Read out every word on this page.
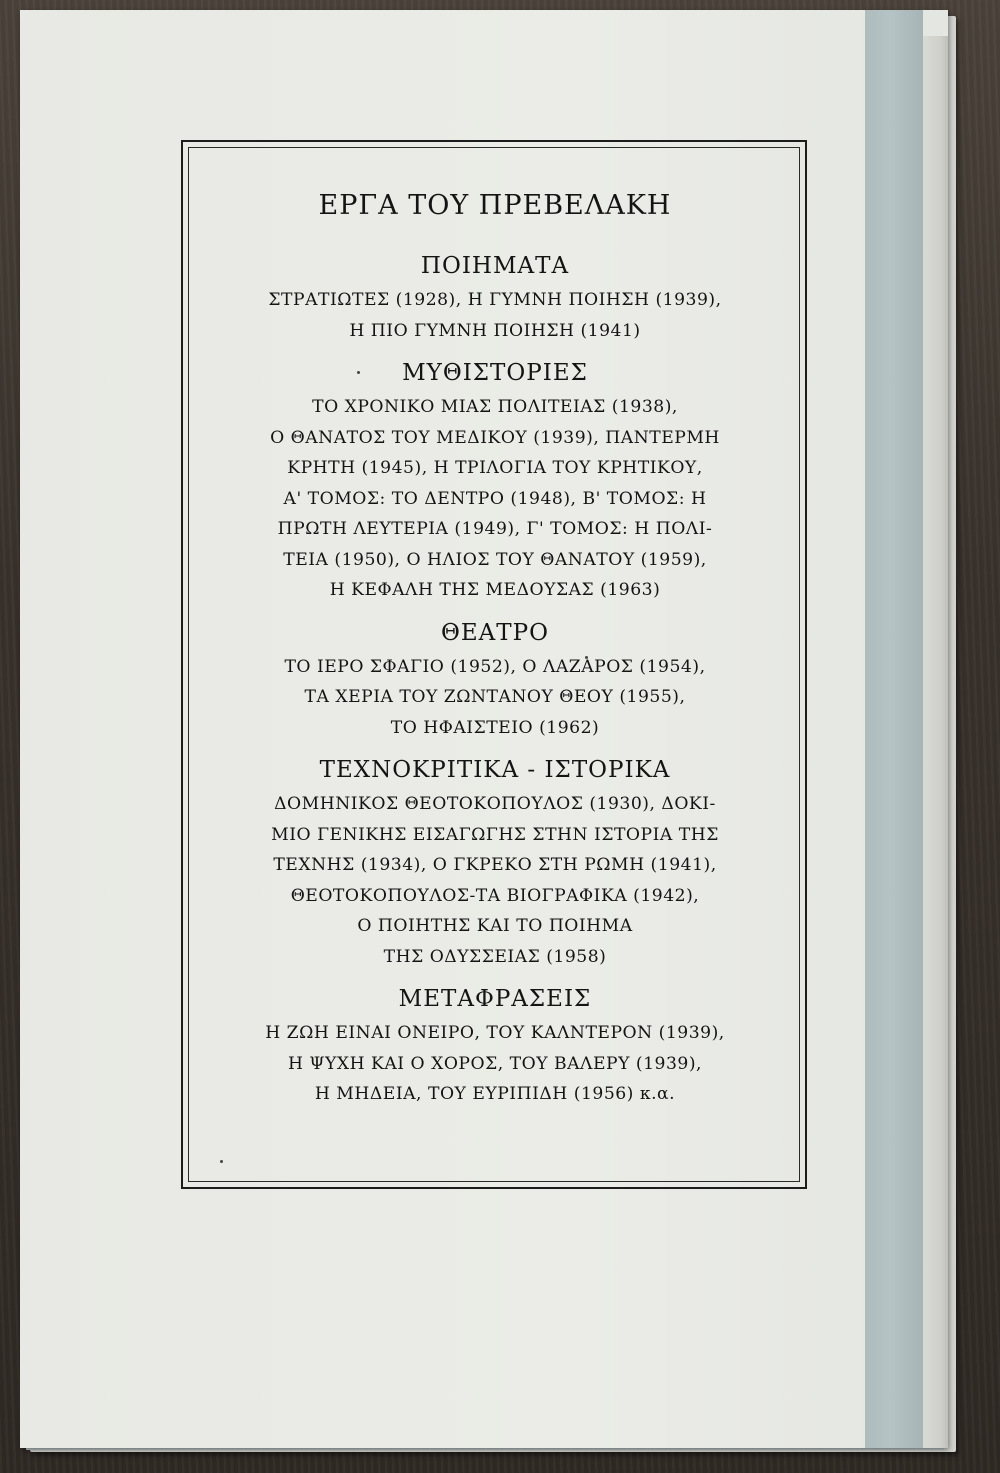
ΕΡΓΑ ΤΟΥ ΠΡΕΒΕΛΑΚΗ
ΠΟΙΗΜΑΤΑ

ΣΤΡΑΤΙΩΤΕΣ (1928), Η ΓΥΜΝΗ ΠΟΙΗΣΗ (1939),

Η ΠΙΟ ΓΥΜΝΗ ΠΟΙΗΣΗ (1941)

ΜΥΘΙΣΤΟΡΙΕΣ

ΤΟ ΧΡΟΝΙΚΟ ΜΙΑΣ ΠΟΛΙΤΕΙΑΣ (1938),

Ο ΘΑΝΑΤΟΣ ΤΟΥ ΜΕΔΙΚΟΥ (1939), ΠΑΝΤΕΡΜΗ

ΚΡΗΤΗ (1945), Η ΤΡΙΛΟΓΙΑ ΤΟΥ ΚΡΗΤΙΚΟΥ,

Α' ΤΟΜΟΣ: ΤΟ ΔΕΝΤΡΟ (1948), Β' ΤΟΜΟΣ: Η

ΠΡΩΤΗ ΛΕΥΤΕΡΙΑ (1949), Γ' ΤΟΜΟΣ: Η ΠΟΛΙ-

ΤΕΙΑ (1950), Ο ΗΛΙΟΣ ΤΟΥ ΘΑΝΑΤΟΥ (1959),

Η ΚΕΦΑΛΗ ΤΗΣ ΜΕΔΟΥΣΑΣ (1963)

ΘΕΑΤΡΟ

ΤΟ ΙΕΡΟ ΣΦΑΓΙΟ (1952), Ο ΛΑΖΑΡΟΣ (1954),

ΤΑ ΧΕΡΙΑ ΤΟΥ ΖΩΝΤΑΝΟΥ ΘΕΟΥ (1955),

ΤΟ ΗΦΑΙΣΤΕΙΟ (1962)

ΤΕΧΝΟΚΡΙΤΙΚΑ - ΙΣΤΟΡΙΚΑ

ΔΟΜΗΝΙΚΟΣ ΘΕΟΤΟΚΟΠΟΥΛΟΣ (1930), ΔΟΚΙ-

ΜΙΟ ΓΕΝΙΚΗΣ ΕΙΣΑΓΩΓΗΣ ΣΤΗΝ ΙΣΤΟΡΙΑ ΤΗΣ

ΤΕΧΝΗΣ (1934), Ο ΓΚΡΕΚΟ ΣΤΗ ΡΩΜΗ (1941),

ΘΕΟΤΟΚΟΠΟΥΛΟΣ-ΤΑ ΒΙΟΓΡΑΦΙΚΑ (1942),

Ο ΠΟΙΗΤΗΣ ΚΑΙ ΤΟ ΠΟΙΗΜΑ

ΤΗΣ ΟΔΥΣΣΕΙΑΣ (1958)

ΜΕΤΑΦΡΑΣΕΙΣ

Η ΖΩΗ ΕΙΝΑΙ ΟΝΕΙΡΟ, ΤΟΥ ΚΑΛΝΤΕΡΟΝ (1939),

Η ΨΥΧΗ ΚΑΙ Ο ΧΟΡΟΣ, ΤΟΥ ΒΑΛΕΡΥ (1939),

Η ΜΗΔΕΙΑ, ΤΟΥ ΕΥΡΙΠΙΔΗ (1956) κ.α.
